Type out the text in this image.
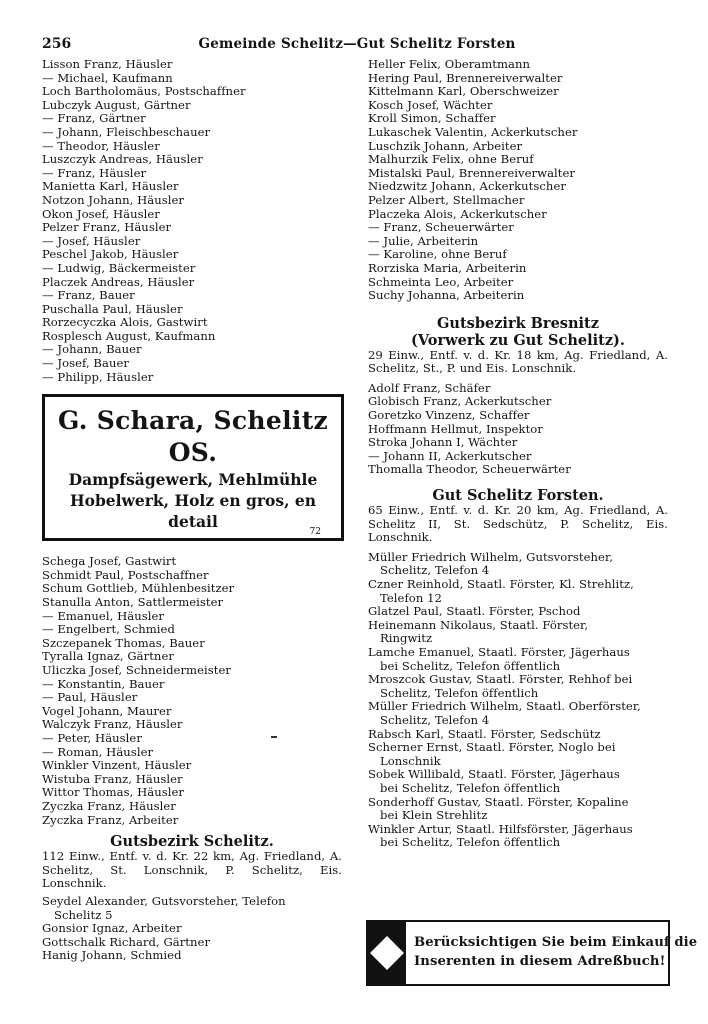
256	Gemeinde Schelitz—Gut Schelitz Forsten
Lisson Franz, Häusler
— Michael, Kaufmann
Loch Bartholomäus, Postschaffner
Lubczyk August, Gärtner
— Franz, Gärtner
— Johann, Fleischbeschauer
— Theodor, Häusler
Luszczyk Andreas, Häusler
— Franz, Häusler
Manietta Karl, Häusler
Notzon Johann, Häusler
Okon Josef, Häusler
Pelzer Franz, Häusler
— Josef, Häusler
Peschel Jakob, Häusler
— Ludwig, Bäckermeister
Placzek Andreas, Häusler
— Franz, Bauer
Puschalla Paul, Häusler
Rorzecyczka Alois, Gastwirt
Rosplesch August, Kaufmann
— Johann, Bauer
— Josef, Bauer
— Philipp, Häusler
G. Schara, Schelitz OS.
Dampfsägewerk, Mehlmühle
Hobelwerk, Holz en gros, en detail
72
Schega Josef, Gastwirt
Schmidt Paul, Postschaffner
Schum Gottlieb, Mühlenbesitzer
Stanulla Anton, Sattlermeister
— Emanuel, Häusler
— Engelbert, Schmied
Szczepanek Thomas, Bauer
Tyralla Ignaz, Gärtner
Uliczka Josef, Schneidermeister
— Konstantin, Bauer
— Paul, Häusler
Vogel Johann, Maurer
Walczyk Franz, Häusler
— Peter, Häusler
— Roman, Häusler
Winkler Vinzent, Häusler
Wistuba Franz, Häusler
Wittor Thomas, Häusler
Zyczka Franz, Häusler
Zyczka Franz, Arbeiter
Gutsbezirk Schelitz.
112 Einw., Entf. v. d. Kr. 22 km, Ag. Friedland, A. Schelitz, St. Lonschnik, P. Schelitz, Eis. Lonschnik.
Seydel Alexander, Gutsvorsteher, Telefon
Schelitz 5
Gonsior Ignaz, Arbeiter
Gottschalk Richard, Gärtner
Hanig Johann, Schmied
Heller Felix, Oberamtmann
Hering Paul, Brennereiverwalter
Kittelmann Karl, Oberschweizer
Kosch Josef, Wächter
Kroll Simon, Schaffer
Lukaschek Valentin, Ackerkutscher
Luschzik Johann, Arbeiter
Malhurzik Felix, ohne Beruf
Mistalski Paul, Brennereiverwalter
Niedzwitz Johann, Ackerkutscher
Pelzer Albert, Stellmacher
Placzeka Alois, Ackerkutscher
— Franz, Scheuerwärter
— Julie, Arbeiterin
— Karoline, ohne Beruf
Rorziska Maria, Arbeiterin
Schmeinta Leo, Arbeiter
Suchy Johanna, Arbeiterin
Gutsbezirk Bresnitz
(Vorwerk zu Gut Schelitz).
29 Einw., Entf. v. d. Kr. 18 km, Ag. Friedland, A. Schelitz, St., P. und Eis. Lonschnik.
Adolf Franz, Schäfer
Globisch Franz, Ackerkutscher
Goretzko Vinzenz, Schaffer
Hoffmann Hellmut, Inspektor
Stroka Johann I, Wächter
— Johann II, Ackerkutscher
Thomalla Theodor, Scheuerwärter
Gut Schelitz Forsten.
65 Einw., Entf. v. d. Kr. 20 km, Ag. Friedland, A. Schelitz II, St. Sedschütz, P. Schelitz, Eis. Lonschnik.
Müller Friedrich Wilhelm, Gutsvorsteher,
Schelitz, Telefon 4
Czner Reinhold, Staatl. Förster, Kl. Strehlitz,
Telefon 12
Glatzel Paul, Staatl. Förster, Pschod
Heinemann Nikolaus, Staatl. Förster,
Ringwitz
Lamche Emanuel, Staatl. Förster, Jägerhaus
bei Schelitz, Telefon öffentlich
Mroszcok Gustav, Staatl. Förster, Rehhof bei
Schelitz, Telefon öffentlich
Müller Friedrich Wilhelm, Staatl. Oberförster,
Schelitz, Telefon 4
Rabsch Karl, Staatl. Förster, Sedschütz
Scherner Ernst, Staatl. Förster, Noglo bei
Lonschnik
Sobek Willibald, Staatl. Förster, Jägerhaus
bei Schelitz, Telefon öffentlich
Sonderhoff Gustav, Staatl. Förster, Kopaline
bei Klein Strehlitz
Winkler Artur, Staatl. Hilfsförster, Jägerhaus
bei Schelitz, Telefon öffentlich
Berücksichtigen Sie beim Einkauf die
Inserenten in diesem Adreßbuch!
